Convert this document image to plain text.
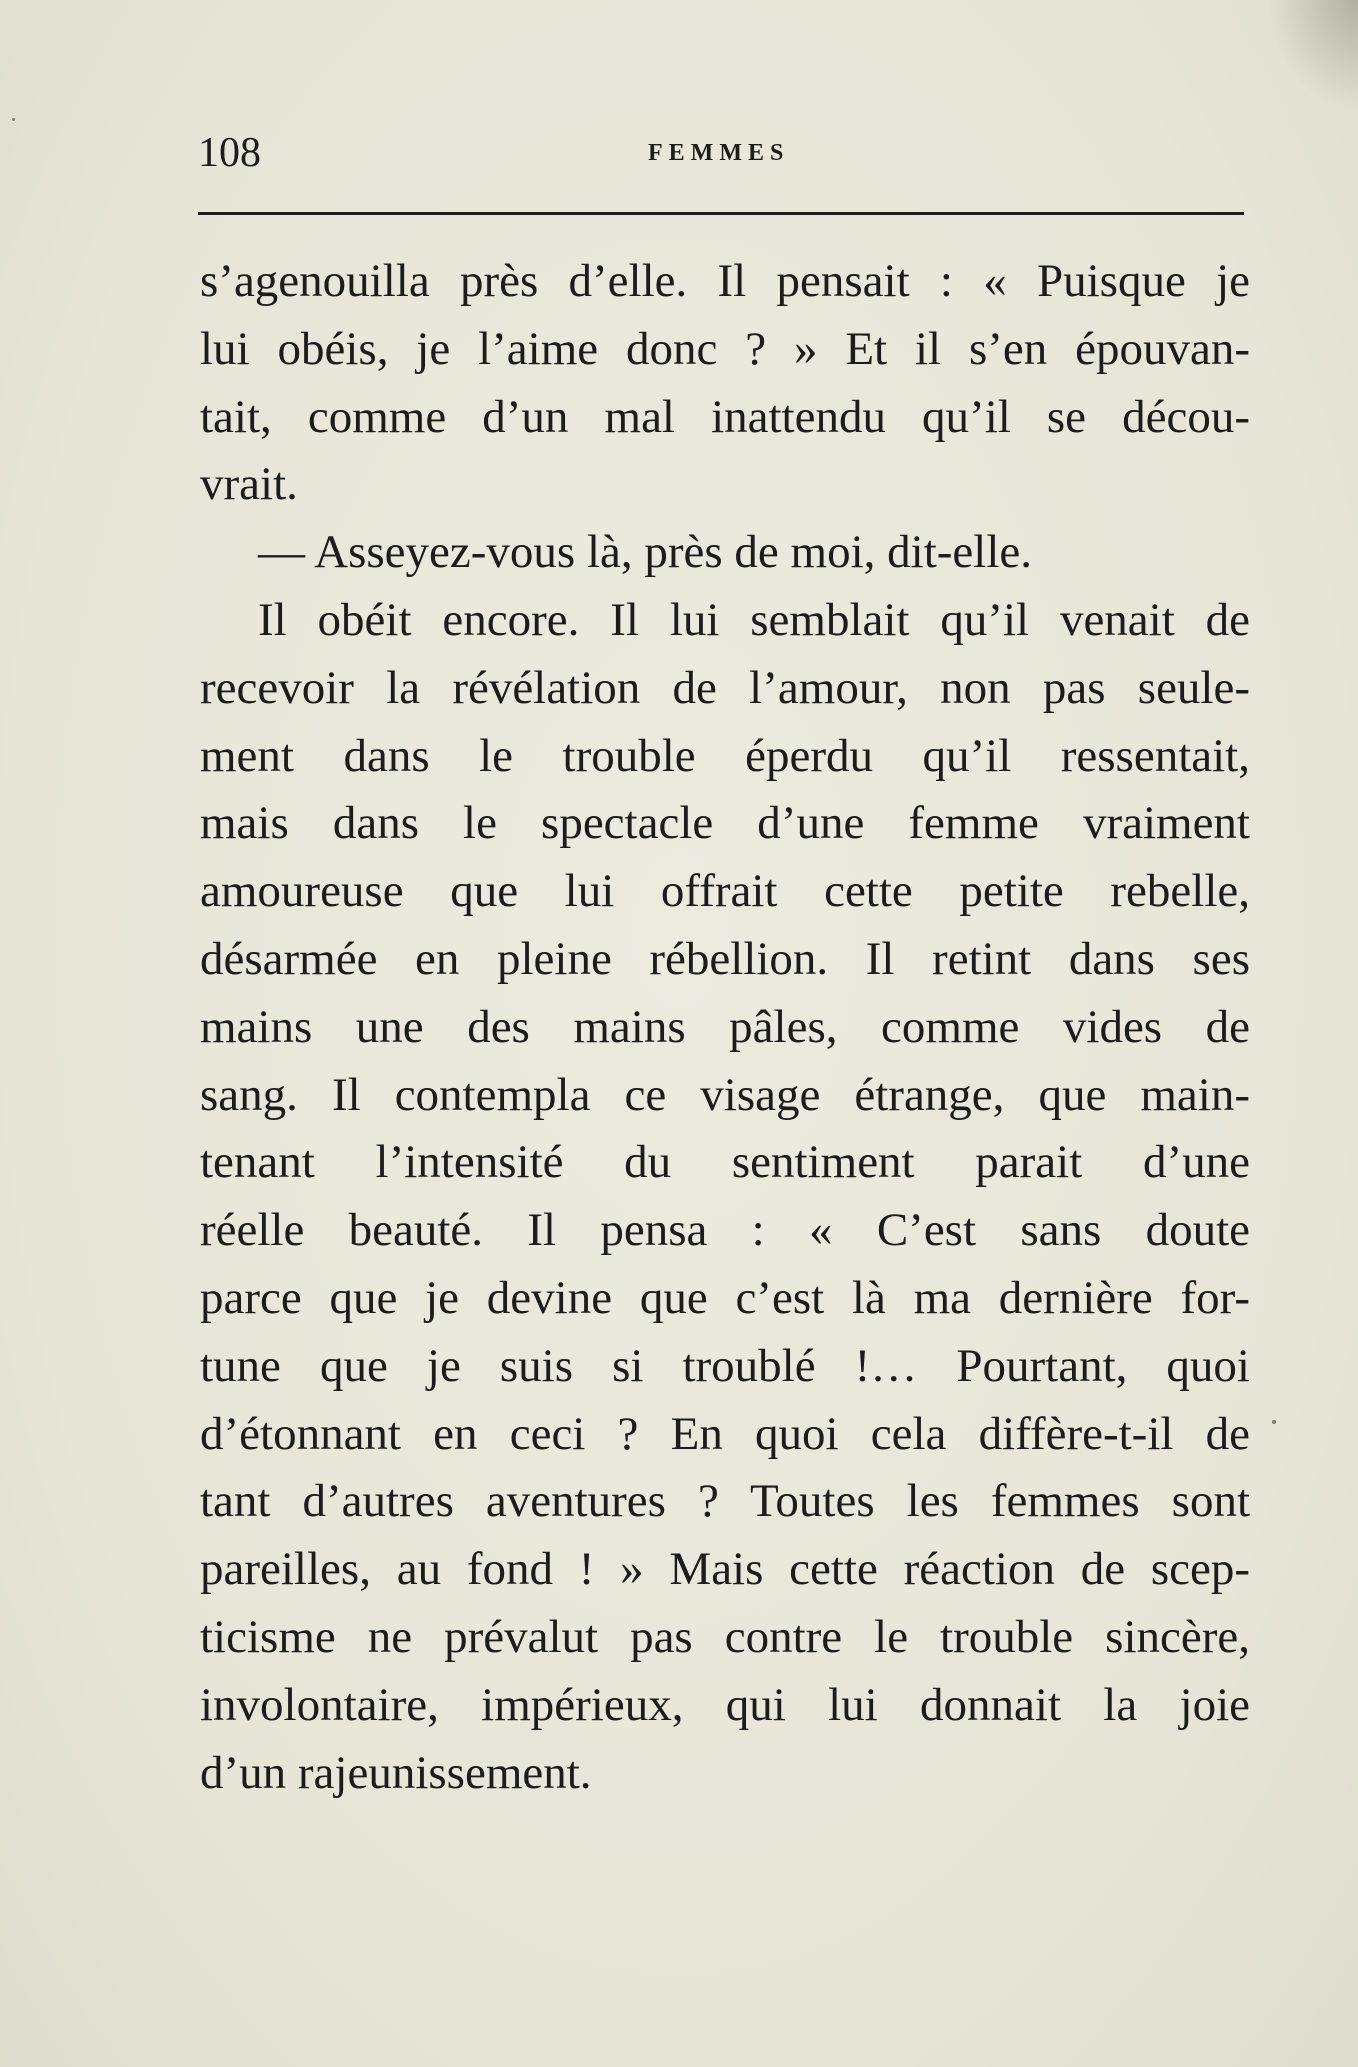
108	FEMMES
s’agenouilla près d’elle. Il pensait : « Puisque je
lui obéis, je l’aime donc ? » Et il s’en épouvan-
tait, comme d’un mal inattendu qu’il se décou-
vrait.
— Asseyez-vous là, près de moi, dit-elle.
Il obéit encore. Il lui semblait qu’il venait de
recevoir la révélation de l’amour, non pas seule-
ment dans le trouble éperdu qu’il ressentait,
mais dans le spectacle d’une femme vraiment
amoureuse que lui offrait cette petite rebelle,
désarmée en pleine rébellion. Il retint dans ses
mains une des mains pâles, comme vides de
sang. Il contempla ce visage étrange, que main-
tenant l’intensité du sentiment parait d’une
réelle beauté. Il pensa : « C’est sans doute
parce que je devine que c’est là ma dernière for-
tune que je suis si troublé !… Pourtant, quoi
d’étonnant en ceci ? En quoi cela diffère-t-il de
tant d’autres aventures ? Toutes les femmes sont
pareilles, au fond ! » Mais cette réaction de scep-
ticisme ne prévalut pas contre le trouble sincère,
involontaire, impérieux, qui lui donnait la joie
d’un rajeunissement.
